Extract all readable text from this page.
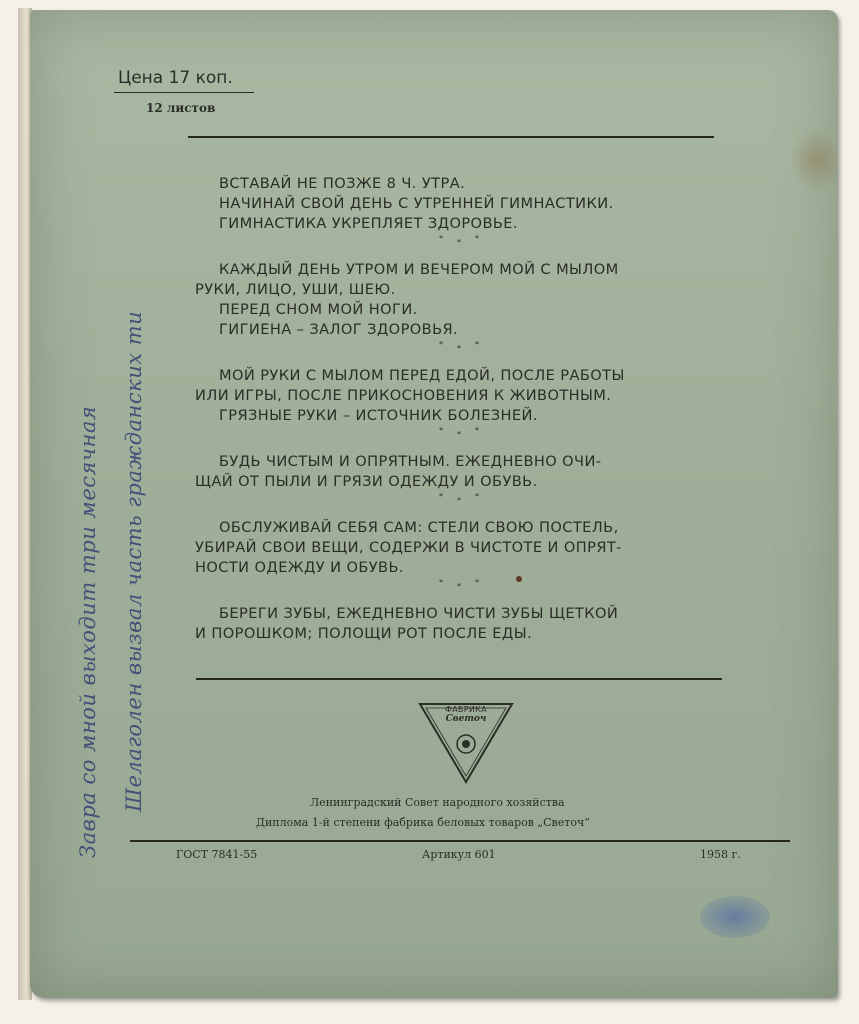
Цена 17 коп.
12 листов
ВСТАВАЙ НЕ ПОЗЖЕ 8 Ч. УТРА.
НАЧИНАЙ СВОЙ ДЕНЬ С УТРЕННЕЙ ГИМНАСТИКИ.
ГИМНАСТИКА УКРЕПЛЯЕТ ЗДОРОВЬЕ.
*	*
*
КАЖДЫЙ ДЕНЬ УТРОМ И ВЕЧЕРОМ МОЙ С МЫЛОМ
РУКИ, ЛИЦО, УШИ, ШЕЮ.
ПЕРЕД СНОМ МОЙ НОГИ.
ГИГИЕНА – ЗАЛОГ ЗДОРОВЬЯ.
*	*
*
МОЙ РУКИ С МЫЛОМ ПЕРЕД ЕДОЙ, ПОСЛЕ РАБОТЫ
ИЛИ ИГРЫ, ПОСЛЕ ПРИКОСНОВЕНИЯ К ЖИВОТНЫМ.
ГРЯЗНЫЕ РУКИ – ИСТОЧНИК БОЛЕЗНЕЙ.
*	*
*
БУДЬ ЧИСТЫМ И ОПРЯТНЫМ. ЕЖЕДНЕВНО ОЧИ-
ЩАЙ ОТ ПЫЛИ И ГРЯЗИ ОДЕЖДУ И ОБУВЬ.
*	*
*
ОБСЛУЖИВАЙ СЕБЯ САМ: СТЕЛИ СВОЮ ПОСТЕЛЬ,
УБИРАЙ СВОИ ВЕЩИ, СОДЕРЖИ В ЧИСТОТЕ И ОПРЯТ-
НОСТИ ОДЕЖДУ И ОБУВЬ.
*	*
*
БЕРЕГИ ЗУБЫ, ЕЖЕДНЕВНО ЧИСТИ ЗУБЫ ЩЕТКОЙ
И ПОРОШКОМ; ПОЛОЩИ РОТ ПОСЛЕ ЕДЫ.
ФАБРИКА
Светоч
Ленинградский Совет народного хозяйства
Диплома 1-й степени фабрика беловых товаров „Светоч“
ГОСТ 7841-55	Артикул 601	1958 г.
Завра со мной выходит три месячная Шелаголен вызвал часть гражданских ти
